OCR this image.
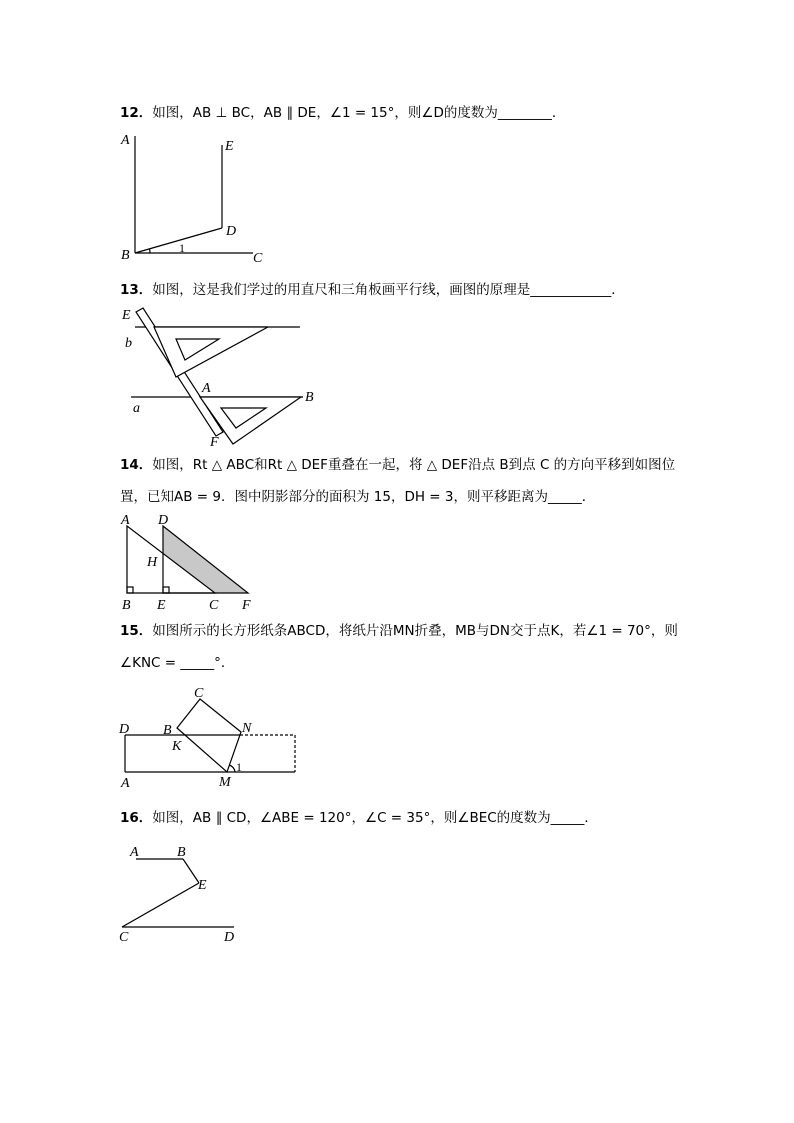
12．如图，AB ⊥ BC，AB ∥ DE，∠1 = 15°，则∠D的度数为________．
A	E
D
B	C
1
13．如图，这是我们学过的用直尺和三角板画平行线，画图的原理是____________．
E
b
A
B
a
F
14．如图，Rt △ ABC和Rt △ DEF重叠在一起，将 △ DEF沿点 B到点 C 的方向平移到如图位
置，已知AB = 9．图中阴影部分的面积为 15，DH = 3，则平移距离为_____．
A D
H
B E	C F
15．如图所示的长方形纸条ABCD，将纸片沿MN折叠，MB与DN交于点K，若∠1 = 70°，则
∠KNC = _____°．
C
D B	N
K
A	M
1
16．如图，AB ∥ CD，∠ABE = 120°，∠C = 35°，则∠BEC的度数为_____．
A	B
E
C	D
